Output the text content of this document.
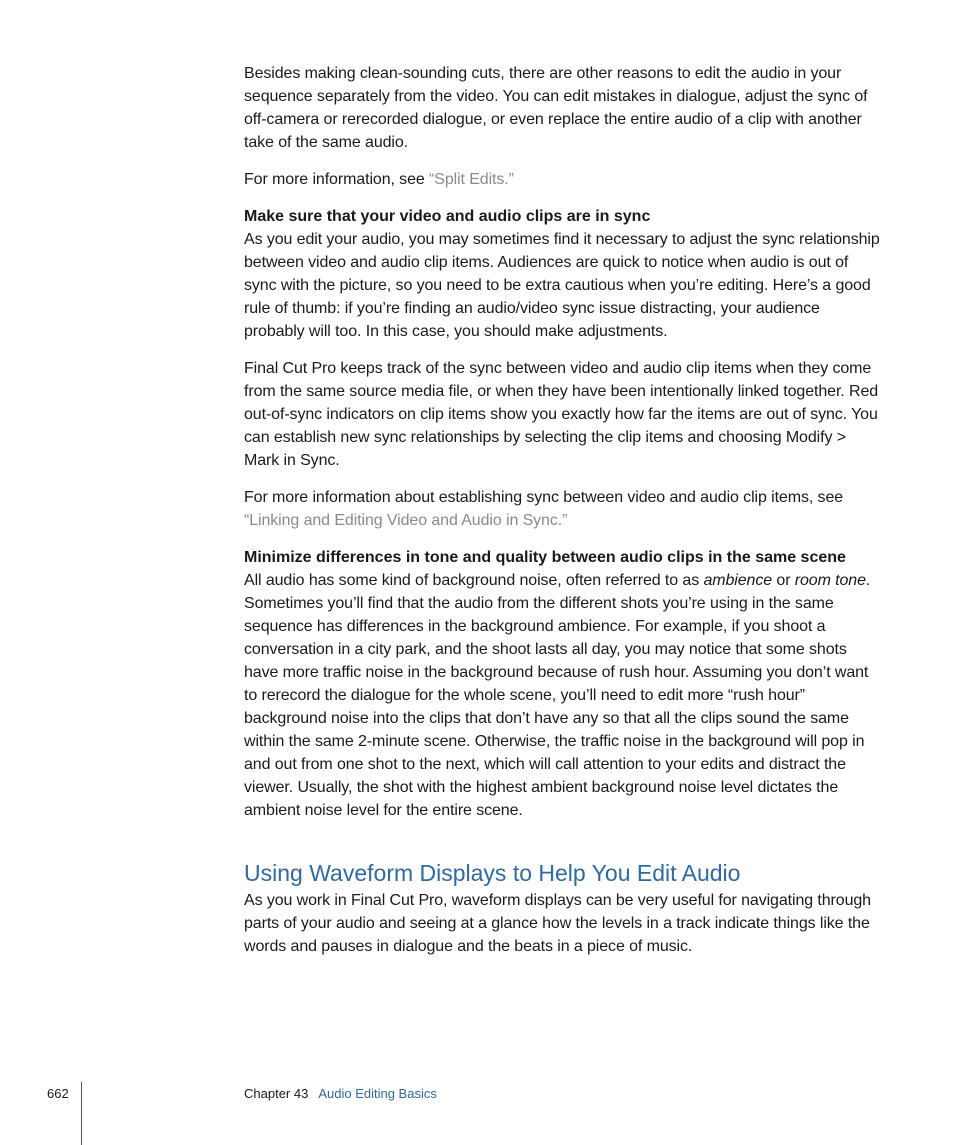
Besides making clean-sounding cuts, there are other reasons to edit the audio in your sequence separately from the video. You can edit mistakes in dialogue, adjust the sync of off-camera or rerecorded dialogue, or even replace the entire audio of a clip with another take of the same audio.

For more information, see “Split Edits.”

Make sure that your video and audio clips are in sync

As you edit your audio, you may sometimes find it necessary to adjust the sync relationship between video and audio clip items. Audiences are quick to notice when audio is out of sync with the picture, so you need to be extra cautious when you’re editing. Here’s a good rule of thumb: if you’re finding an audio/video sync issue distracting, your audience probably will too. In this case, you should make adjustments.

Final Cut Pro keeps track of the sync between video and audio clip items when they come from the same source media file, or when they have been intentionally linked together. Red out-of-sync indicators on clip items show you exactly how far the items are out of sync. You can establish new sync relationships by selecting the clip items and choosing Modify > Mark in Sync.

For more information about establishing sync between video and audio clip items, see “Linking and Editing Video and Audio in Sync.”

Minimize differences in tone and quality between audio clips in the same scene

All audio has some kind of background noise, often referred to as ambience or room tone. Sometimes you’ll find that the audio from the different shots you’re using in the same sequence has differences in the background ambience. For example, if you shoot a conversation in a city park, and the shoot lasts all day, you may notice that some shots have more traffic noise in the background because of rush hour. Assuming you don’t want to rerecord the dialogue for the whole scene, you’ll need to edit more “rush hour” background noise into the clips that don’t have any so that all the clips sound the same within the same 2-minute scene. Otherwise, the traffic noise in the background will pop in and out from one shot to the next, which will call attention to your edits and distract the viewer. Usually, the shot with the highest ambient background noise level dictates the ambient noise level for the entire scene.

Using Waveform Displays to Help You Edit Audio

As you work in Final Cut Pro, waveform displays can be very useful for navigating through parts of your audio and seeing at a glance how the levels in a track indicate things like the words and pauses in dialogue and the beats in a piece of music.

662	Chapter 43 Audio Editing Basics
